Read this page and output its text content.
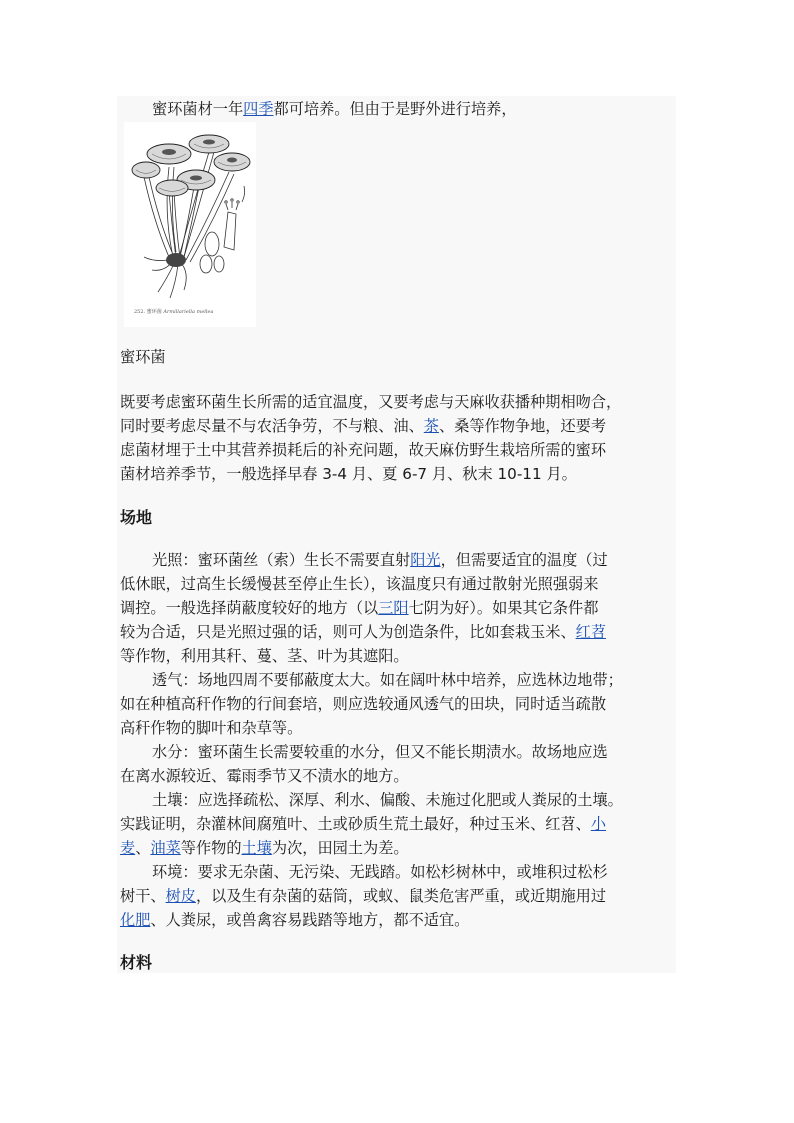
蜜环菌材一年四季都可培养。但由于是野外进行培养，
252. 蜜环菌 Armillariella mellea
蜜环菌
既要考虑蜜环菌生长所需的适宜温度，又要考虑与天麻收获播种期相吻合，
同时要考虑尽量不与农活争劳，不与粮、油、茶、桑等作物争地，还要考
虑菌材埋于土中其营养损耗后的补充问题，故天麻仿野生栽培所需的蜜环
菌材培养季节，一般选择早春 3-4 月、夏 6-7 月、秋末 10-11 月。
场地
光照：蜜环菌丝（索）生长不需要直射阳光，但需要适宜的温度（过
低休眠，过高生长缓慢甚至停止生长），该温度只有通过散射光照强弱来
调控。一般选择荫蔽度较好的地方（以三阳七阴为好）。如果其它条件都
较为合适，只是光照过强的话，则可人为创造条件，比如套栽玉米、红苕
等作物，利用其秆、蔓、茎、叶为其遮阳。
透气：场地四周不要郁蔽度太大。如在阔叶林中培养，应选林边地带；
如在种植高秆作物的行间套培，则应选较通风透气的田块，同时适当疏散
高秆作物的脚叶和杂草等。
水分：蜜环菌生长需要较重的水分，但又不能长期渍水。故场地应选
在离水源较近、霉雨季节又不渍水的地方。
土壤：应选择疏松、深厚、利水、偏酸、未施过化肥或人粪尿的土壤。
实践证明，杂灌林间腐殖叶、土或砂质生荒土最好，种过玉米、红苕、小
麦、油菜等作物的土壤为次，田园土为差。
环境：要求无杂菌、无污染、无践踏。如松杉树林中，或堆积过松杉
树干、树皮，以及生有杂菌的菇筒，或蚁、鼠类危害严重，或近期施用过
化肥、人粪尿，或兽禽容易践踏等地方，都不适宜。
材料
